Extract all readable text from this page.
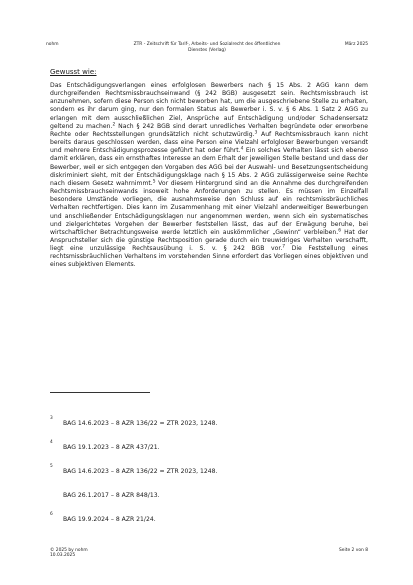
nohm	ZTR - Zeitschrift für Tarif-, Arbeits- und Sozialrecht des öffentlichen
Dienstes (Verlag)
März 2025
Gewusst wie:

Das Entschädigungsverlangen eines erfolglosen Bewerbers nach § 15 Abs. 2 AGG kann dem durchgreifenden Rechtsmissbrauchseinwand (§ 242 BGB) ausgesetzt sein. Rechtsmissbrauch ist anzunehmen, sofern diese Person sich nicht beworben hat, um die ausgeschriebene Stelle zu erhalten, sondern es ihr darum ging, nur den formalen Status als Bewerber i. S. v. § 6 Abs. 1 Satz 2 AGG zu erlangen mit dem ausschließlichen Ziel, Ansprüche auf Entschädigung und/oder Schadensersatz geltend zu machen.$^2$ Nach § 242 BGB sind derart unredliches Verhalten begründete oder erworbene Rechte oder Rechtsstellungen grundsätzlich nicht schutzwürdig.$^3$ Auf Rechtsmissbrauch kann nicht bereits daraus geschlossen werden, dass eine Person eine Vielzahl erfolgloser Bewerbungen versandt und mehrere Entschädigungsprozesse geführt hat oder führt.$^4$ Ein solches Verhalten lässt sich ebenso damit erklären, dass ein ernsthaftes Interesse an dem Erhalt der jeweiligen Stelle bestand und dass der Bewerber, weil er sich entgegen den Vorgaben des AGG bei der Auswahl- und Besetzungsentscheidung diskriminiert sieht, mit der Entschädigungsklage nach § 15 Abs. 2 AGG zulässigerweise seine Rechte nach diesem Gesetz wahrnimmt.$^5$ Vor diesem Hintergrund sind an die Annahme des durchgreifenden Rechtsmissbrauchseinwands insoweit hohe Anforderungen zu stellen. Es müssen im Einzelfall besondere Umstände vorliegen, die ausnahmsweise den Schluss auf ein rechtsmissbräuchliches Verhalten rechtfertigen. Dies kann im Zusammenhang mit einer Vielzahl anderweitiger Bewerbungen und anschließender Entschädigungsklagen nur angenommen werden, wenn sich ein systematisches und zielgerichtetes Vorgehen der Bewerber feststellen lässt, das auf der Erwägung beruhe, bei wirtschaftlicher Betrachtungsweise werde letztlich ein auskömmlicher „Gewinn“ verbleiben.$^6$ Hat der Anspruchsteller sich die günstige Rechtsposition gerade durch ein treuwidriges Verhalten verschafft, liegt eine unzulässige Rechtsausübung i. S. v. § 242 BGB vor.$^7$ Die Feststellung eines rechtsmissbräuchlichen Verhaltens im vorstehenden Sinne erfordert das Vorliegen eines objektiven und eines subjektiven Elements.

3
BAG 14.6.2023 – 8 AZR 136/22 = ZTR 2023, 1248.
4
BAG 19.1.2023 – 8 AZR 437/21.
5
BAG 14.6.2023 – 8 AZR 136/22 = ZTR 2023, 1248.
BAG 26.1.2017 – 8 AZR 848/13.
6
BAG 19.9.2024 – 8 AZR 21/24.
© 2025 by nohm
10.03.2025
Seite 2 von 8
